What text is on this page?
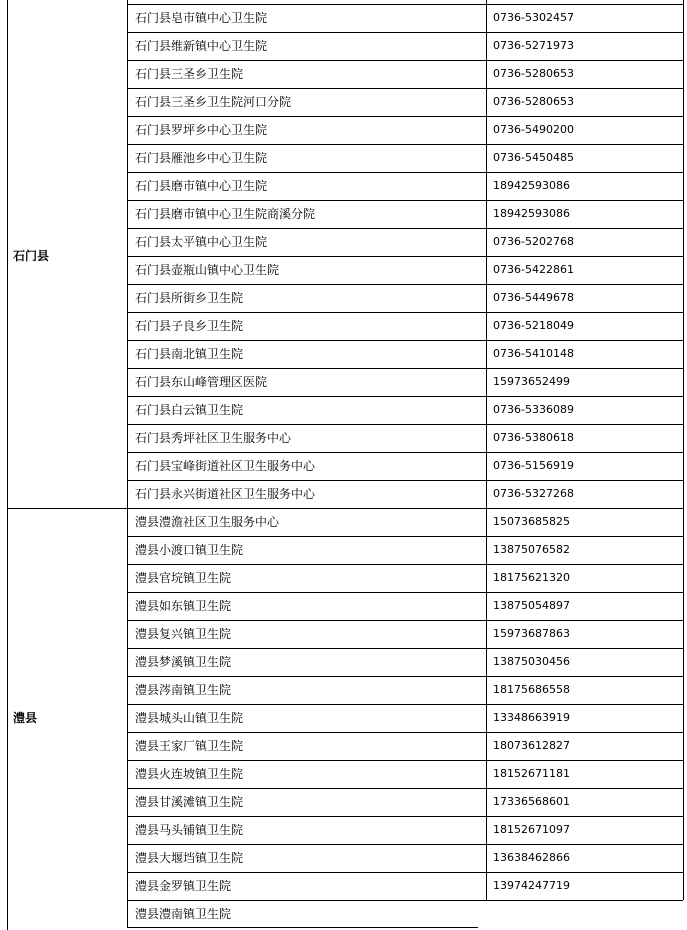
石门县
石门县皂市镇中心卫生院	0736-5302457
石门县维新镇中心卫生院	0736-5271973
石门县三圣乡卫生院	0736-5280653
石门县三圣乡卫生院河口分院	0736-5280653
石门县罗坪乡中心卫生院	0736-5490200
石门县雁池乡中心卫生院	0736-5450485
石门县磨市镇中心卫生院	18942593086
石门县磨市镇中心卫生院商溪分院	18942593086
石门县太平镇中心卫生院	0736-5202768
石门县壶瓶山镇中心卫生院	0736-5422861
石门县所街乡卫生院	0736-5449678
石门县子良乡卫生院	0736-5218049
石门县南北镇卫生院	0736-5410148
石门县东山峰管理区医院	15973652499
石门县白云镇卫生院	0736-5336089
石门县秀坪社区卫生服务中心	0736-5380618
石门县宝峰街道社区卫生服务中心	0736-5156919
石门县永兴街道社区卫生服务中心	0736-5327268
澧县
澧县澧澹社区卫生服务中心	15073685825
澧县小渡口镇卫生院	13875076582
澧县官垸镇卫生院	18175621320
澧县如东镇卫生院	13875054897
澧县复兴镇卫生院	15973687863
澧县梦溪镇卫生院	13875030456
澧县涔南镇卫生院	18175686558
澧县城头山镇卫生院	13348663919
澧县王家厂镇卫生院	18073612827
澧县火连坡镇卫生院	18152671181
澧县甘溪滩镇卫生院	17336568601
澧县马头铺镇卫生院	18152671097
澧县大堰垱镇卫生院	13638462866
澧县金罗镇卫生院	13974247719
澧县澧南镇卫生院
